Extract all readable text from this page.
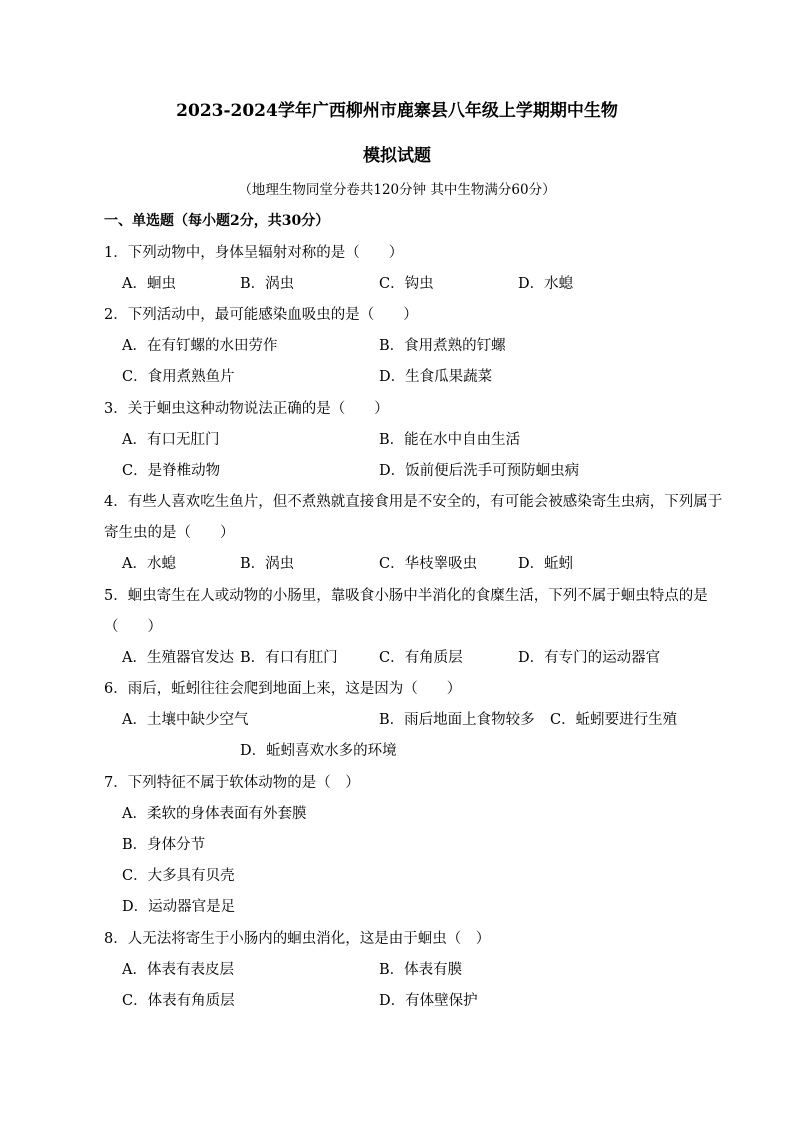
2023-2024学年广西柳州市鹿寨县八年级上学期期中生物
模拟试题
（地理生物同堂分卷共120分钟 其中生物满分60分）
一、单选题（每小题2分，共30分）
1．下列动物中，身体呈辐射对称的是（　　）
A．蛔虫	B．涡虫	C．钩虫	D．水螅
2．下列活动中，最可能感染血吸虫的是（　　）
A．在有钉螺的水田劳作	B．食用煮熟的钉螺
C．食用煮熟鱼片	D．生食瓜果蔬菜
3．关于蛔虫这种动物说法正确的是（　　）
A．有口无肛门	B．能在水中自由生活
C．是脊椎动物	D．饭前便后洗手可预防蛔虫病
4．有些人喜欢吃生鱼片，但不煮熟就直接食用是不安全的，有可能会被感染寄生虫病，下列属于
寄生虫的是（　　）
A．水螅	B．涡虫	C．华枝睾吸虫	D．蚯蚓
5．蛔虫寄生在人或动物的小肠里，靠吸食小肠中半消化的食糜生活，下列不属于蛔虫特点的是
（　　）
A．生殖器官发达 B．有口有肛门	C．有角质层	D．有专门的运动器官
6．雨后，蚯蚓往往会爬到地面上来，这是因为（　　）
A．土壤中缺少空气	B．雨后地面上食物较多 C．蚯蚓要进行生殖
D．蚯蚓喜欢水多的环境
7．下列特征不属于软体动物的是（　）
A．柔软的身体表面有外套膜
B．身体分节
C．大多具有贝壳
D．运动器官是足
8．人无法将寄生于小肠内的蛔虫消化，这是由于蛔虫（　）
A．体表有表皮层	B．体表有膜
C．体表有角质层	D．有体壁保护
